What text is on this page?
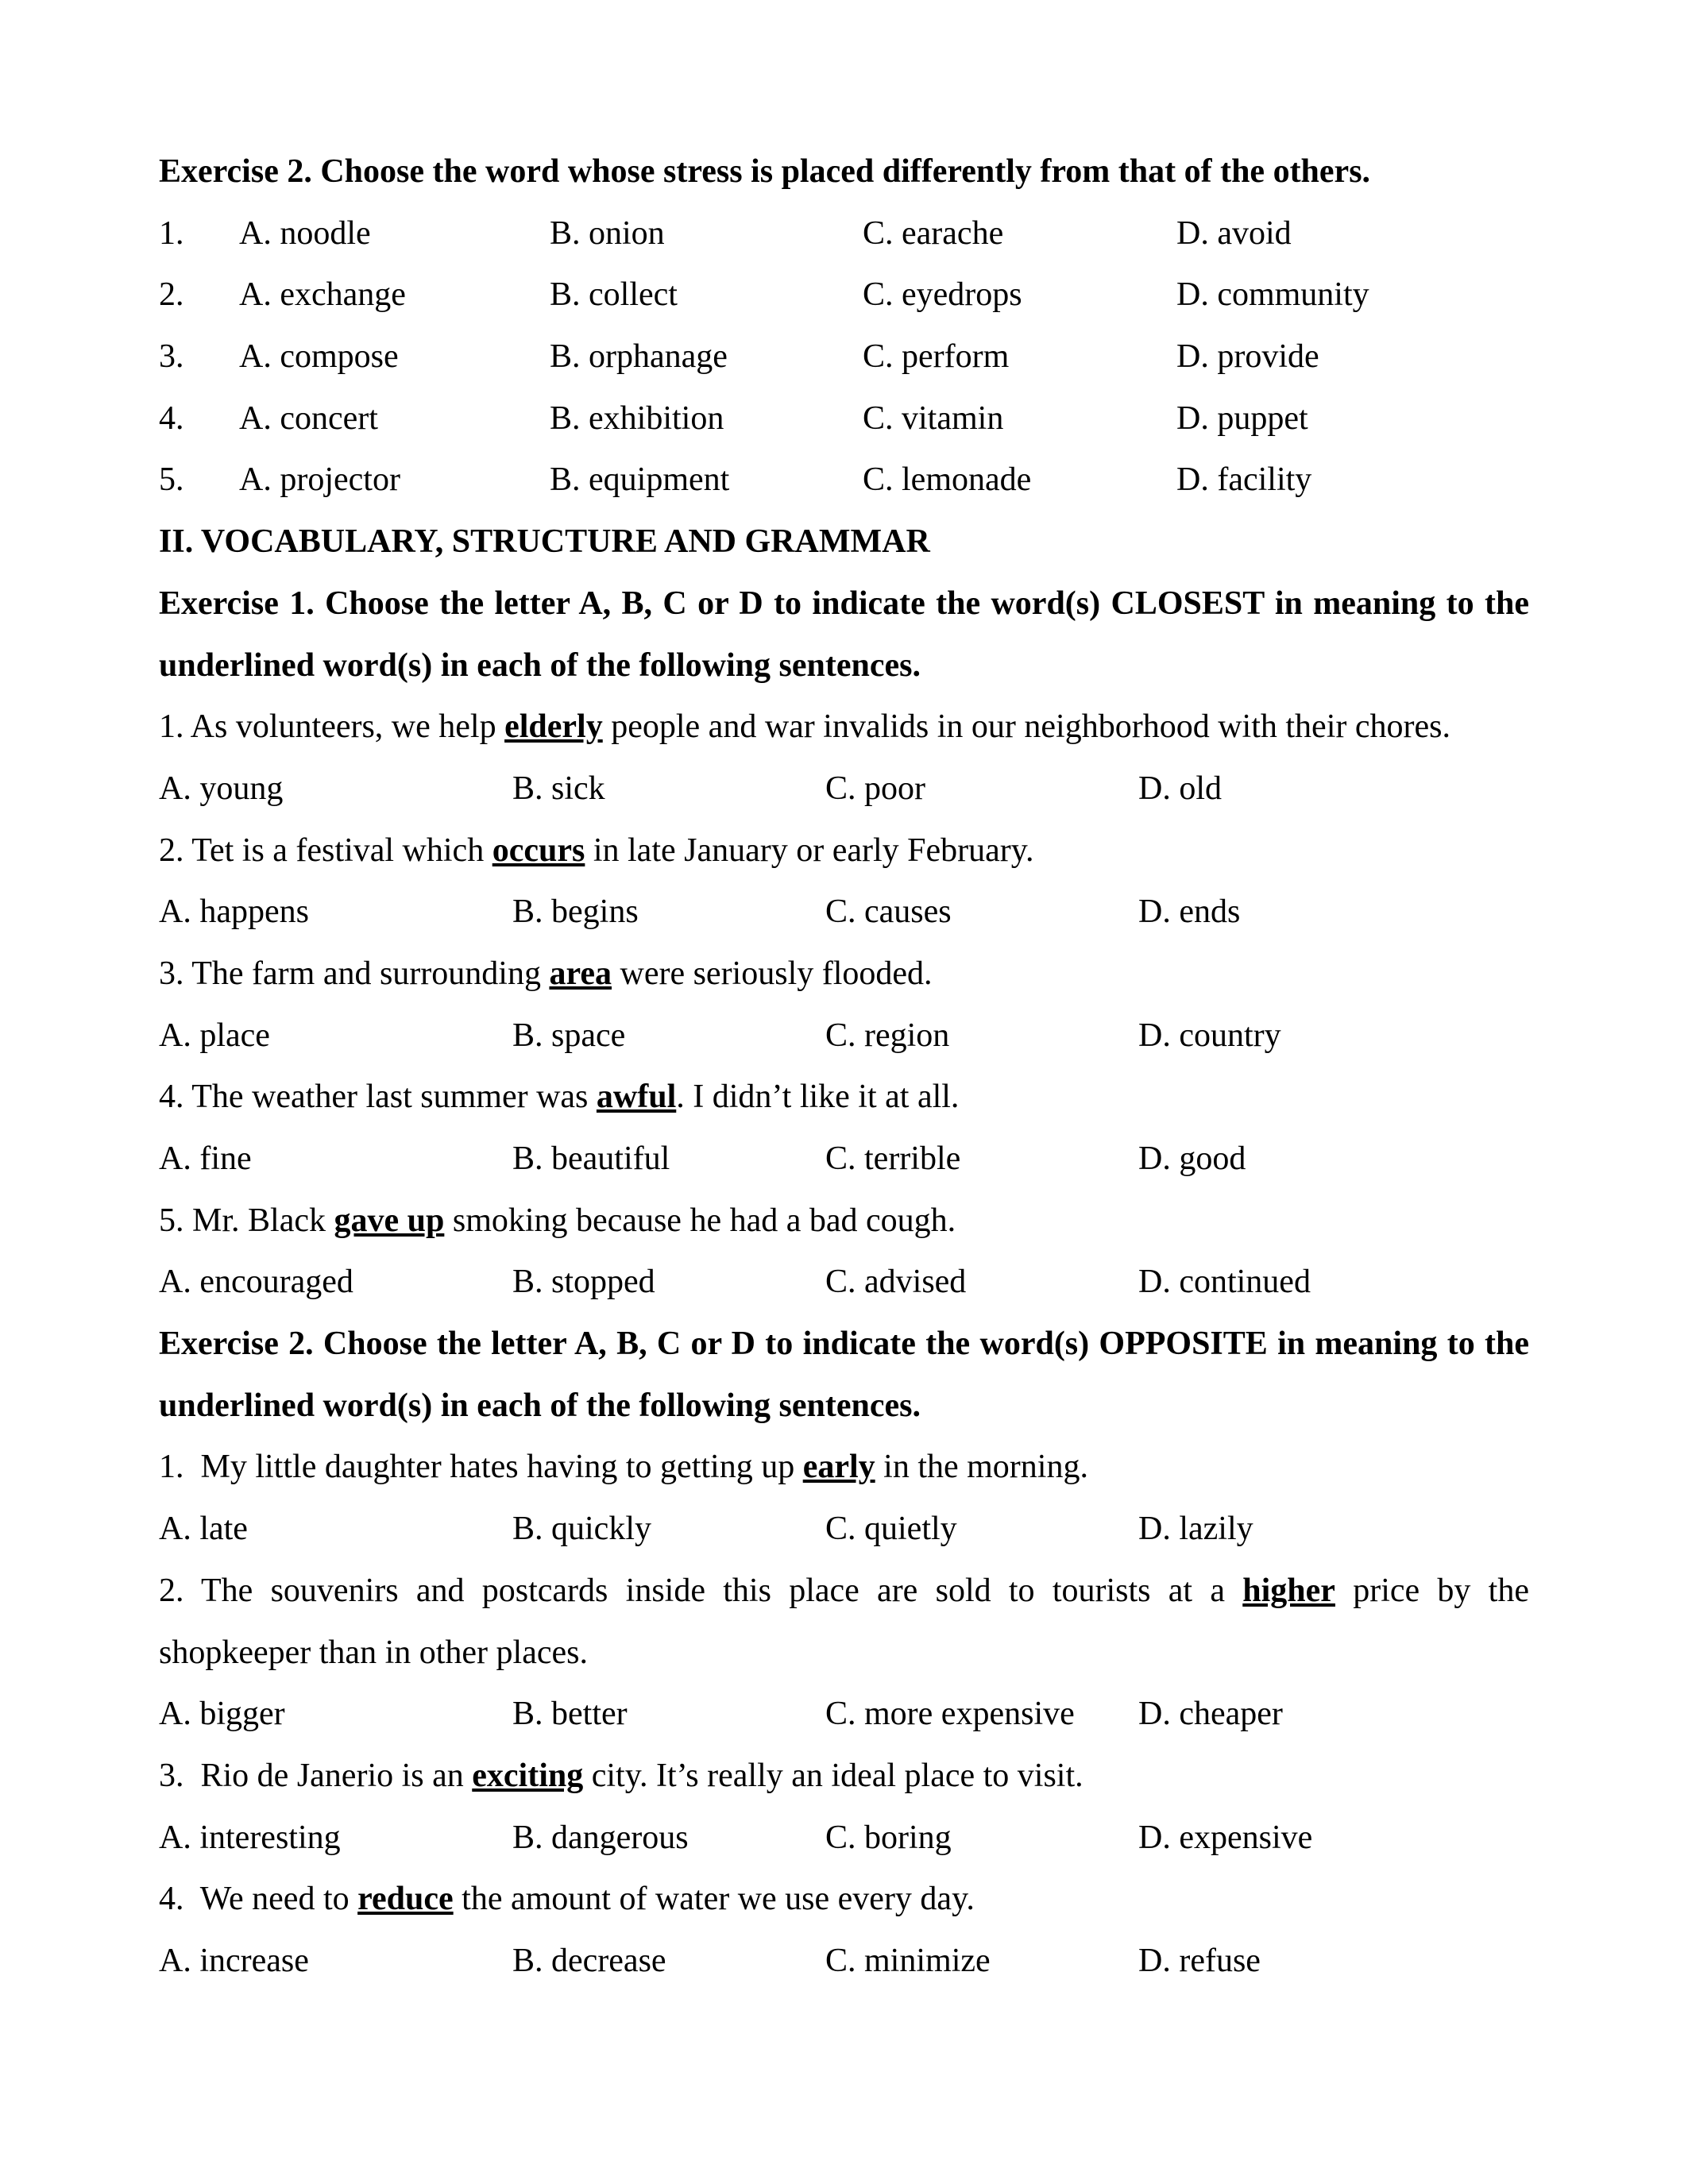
Exercise 2. Choose the word whose stress is placed differently from that of the others.
1.	A. noodle	B. onion	C. earache	D. avoid
2.	A. exchange	B. collect	C. eyedrops	D. community
3.	A. compose	B. orphanage	C. perform	D. provide
4.	A. concert	B. exhibition	C. vitamin	D. puppet
5.	A. projector	B. equipment	C. lemonade	D. facility
II. VOCABULARY, STRUCTURE AND GRAMMAR
Exercise 1. Choose the letter A, B, C or D to indicate the word(s) CLOSEST in meaning to the underlined word(s) in each of the following sentences.
1. As volunteers, we help elderly people and war invalids in our neighborhood with their chores.
A. young	B. sick	C. poor	D. old
2. Tet is a festival which occurs in late January or early February.
A. happens	B. begins	C. causes	D. ends
3. The farm and surrounding area were seriously flooded.
A. place	B. space	C. region	D. country
4. The weather last summer was awful. I didn’t like it at all.
A. fine	B. beautiful	C. terrible	D. good
5. Mr. Black gave up smoking because he had a bad cough.
A. encouraged	B. stopped	C. advised	D. continued
Exercise 2. Choose the letter A, B, C or D to indicate the word(s) OPPOSITE in meaning to the underlined word(s) in each of the following sentences.
1.  My little daughter hates having to getting up early in the morning.
A. late	B. quickly	C. quietly	D. lazily
2. The souvenirs and postcards inside this place are sold to tourists at a higher price by the shopkeeper than in other places.
A. bigger	B. better	C. more expensive	D. cheaper
3.  Rio de Janerio is an exciting city. It’s really an ideal place to visit.
A. interesting	B. dangerous	C. boring	D. expensive
4.  We need to reduce the amount of water we use every day.
A. increase	B. decrease	C. minimize	D. refuse
